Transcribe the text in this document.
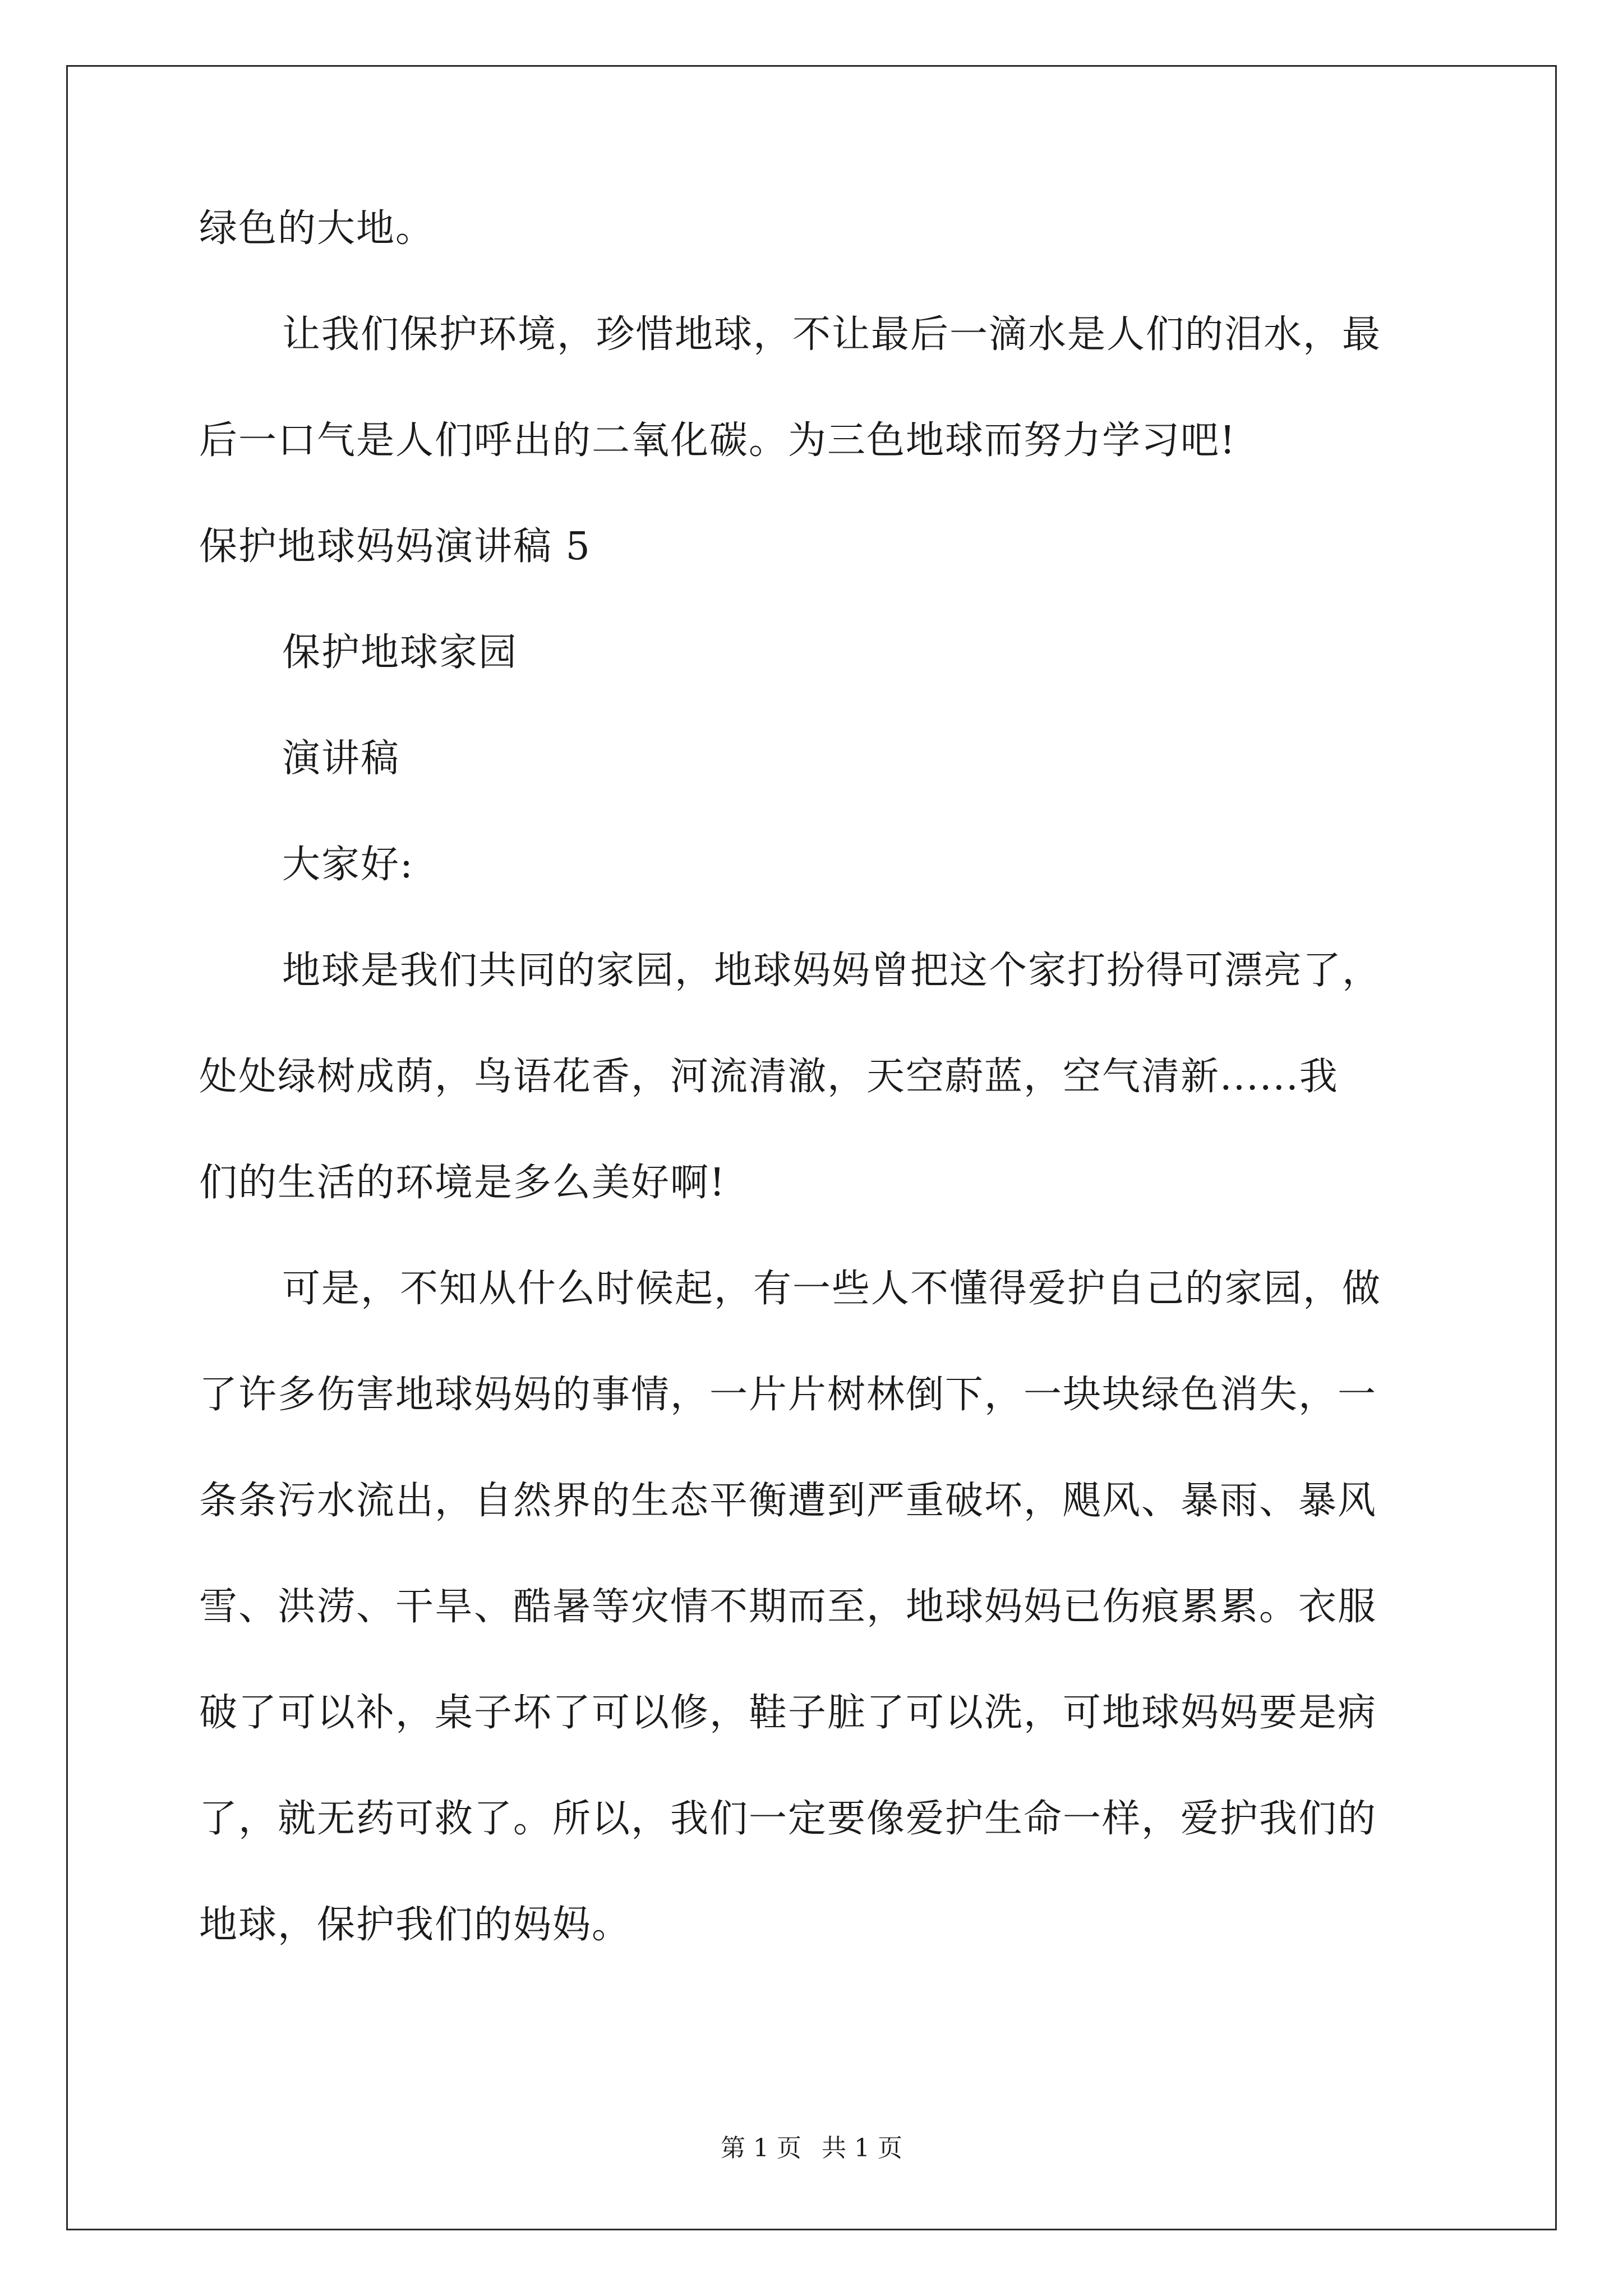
绿色的大地。
让我们保护环境，珍惜地球，不让最后一滴水是人们的泪水，最
后一口气是人们呼出的二氧化碳。为三色地球而努力学习吧!
保护地球妈妈演讲稿 5
保护地球家园
演讲稿
大家好:
地球是我们共同的家园，地球妈妈曾把这个家打扮得可漂亮了，
处处绿树成荫，鸟语花香，河流清澈，天空蔚蓝，空气清新......我
们的生活的环境是多么美好啊!
可是，不知从什么时候起，有一些人不懂得爱护自己的家园，做
了许多伤害地球妈妈的事情，一片片树林倒下，一块块绿色消失，一
条条污水流出，自然界的生态平衡遭到严重破坏，飓风、暴雨、暴风
雪、洪涝、干旱、酷暑等灾情不期而至，地球妈妈已伤痕累累。衣服
破了可以补，桌子坏了可以修，鞋子脏了可以洗，可地球妈妈要是病
了，就无药可救了。所以，我们一定要像爱护生命一样，爱护我们的
地球，保护我们的妈妈。
第 1 页 共 1 页
